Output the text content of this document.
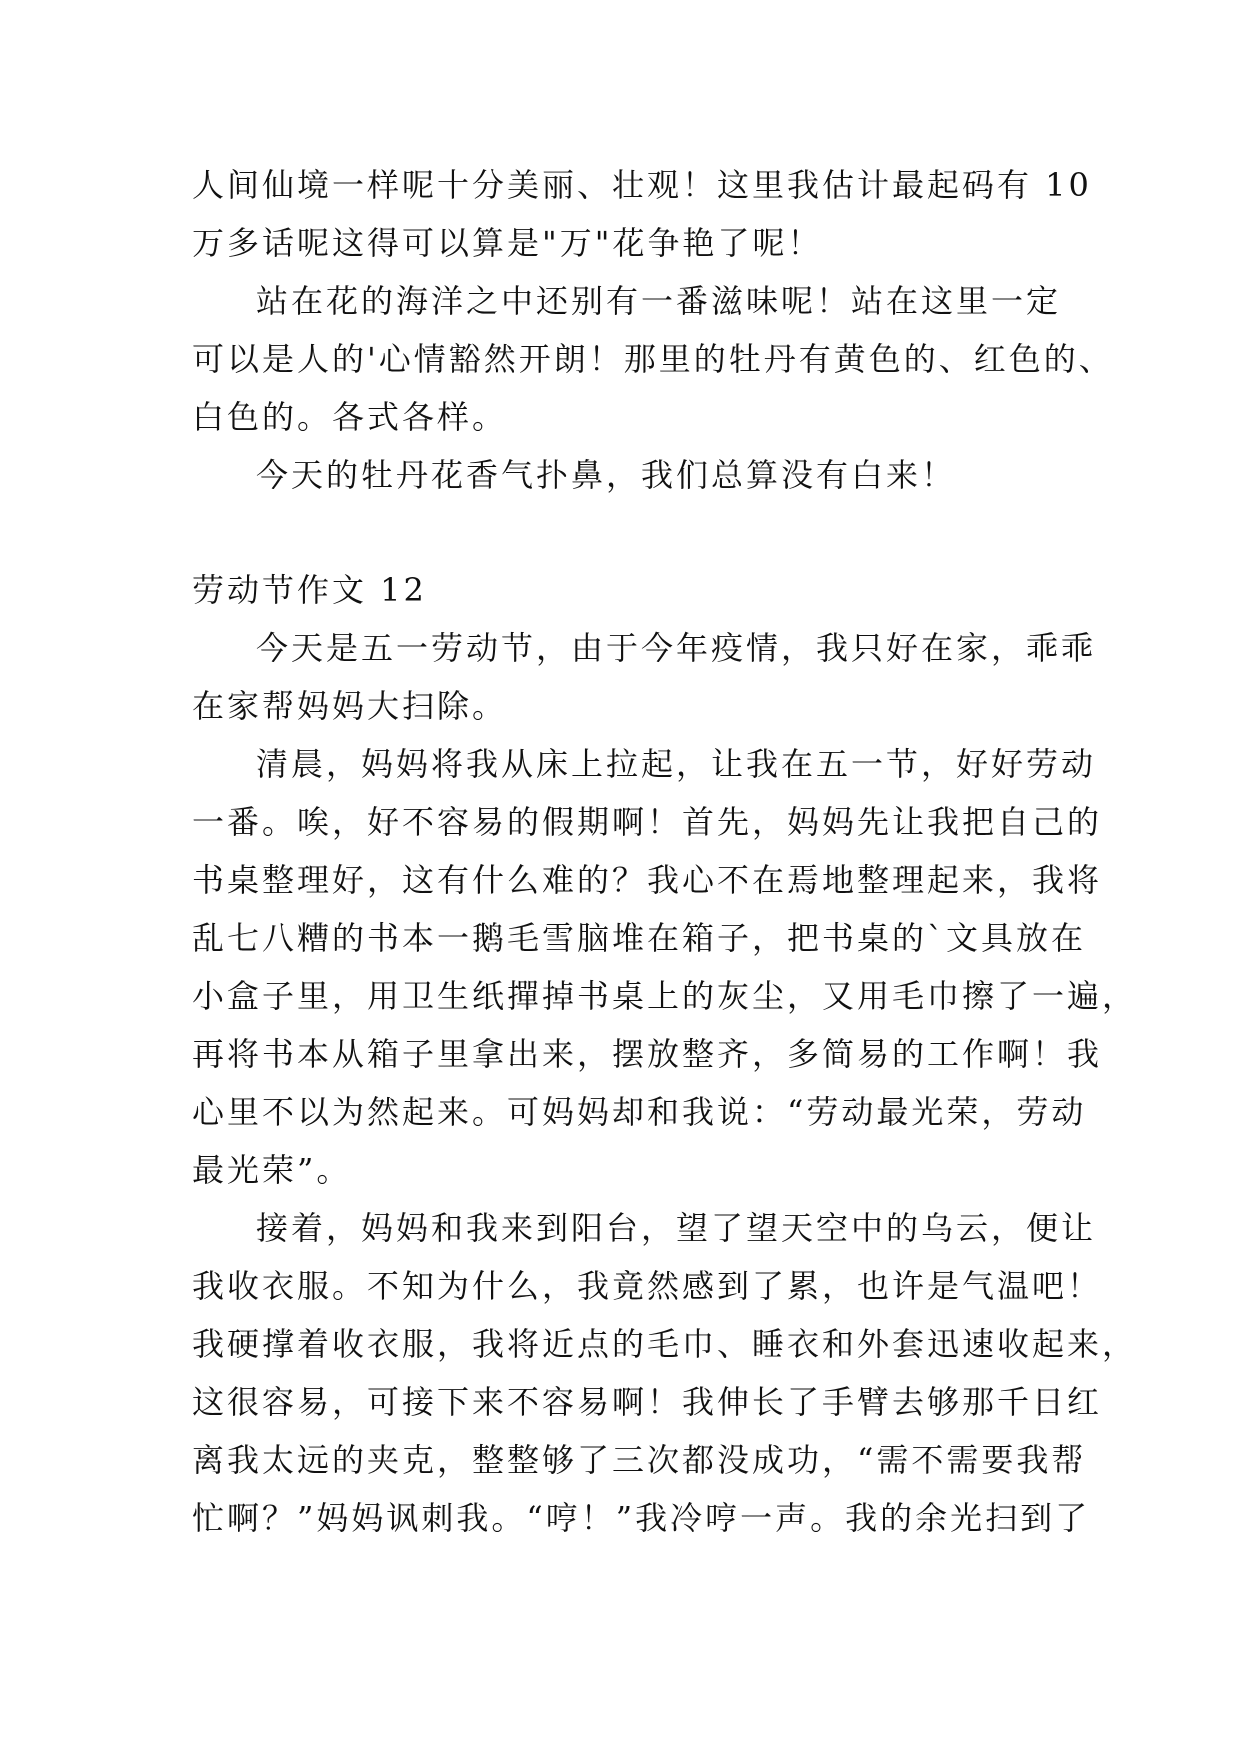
人间仙境一样呢十分美丽、壮观！这里我估计最起码有 10
万多话呢这得可以算是"万"花争艳了呢！
站在花的海洋之中还别有一番滋味呢！站在这里一定
可以是人的'心情豁然开朗！那里的牡丹有黄色的、红色的、
白色的。各式各样。
今天的牡丹花香气扑鼻，我们总算没有白来！
劳动节作文 12
今天是五一劳动节，由于今年疫情，我只好在家，乖乖
在家帮妈妈大扫除。
清晨，妈妈将我从床上拉起，让我在五一节，好好劳动
一番。唉，好不容易的假期啊！首先，妈妈先让我把自己的
书桌整理好，这有什么难的？我心不在焉地整理起来，我将
乱七八糟的书本一鹅毛雪脑堆在箱子，把书桌的`文具放在
小盒子里，用卫生纸撣掉书桌上的灰尘，又用毛巾擦了一遍，
再将书本从箱子里拿出来，摆放整齐，多简易的工作啊！我
心里不以为然起来。可妈妈却和我说：“劳动最光荣，劳动
最光荣”。
接着，妈妈和我来到阳台，望了望天空中的乌云，便让
我收衣服。不知为什么，我竟然感到了累，也许是气温吧！
我硬撑着收衣服，我将近点的毛巾、睡衣和外套迅速收起来，
这很容易，可接下来不容易啊！我伸长了手臂去够那千日红
离我太远的夹克，整整够了三次都没成功，“需不需要我帮
忙啊？”妈妈讽刺我。“哼！”我冷哼一声。我的余光扫到了
